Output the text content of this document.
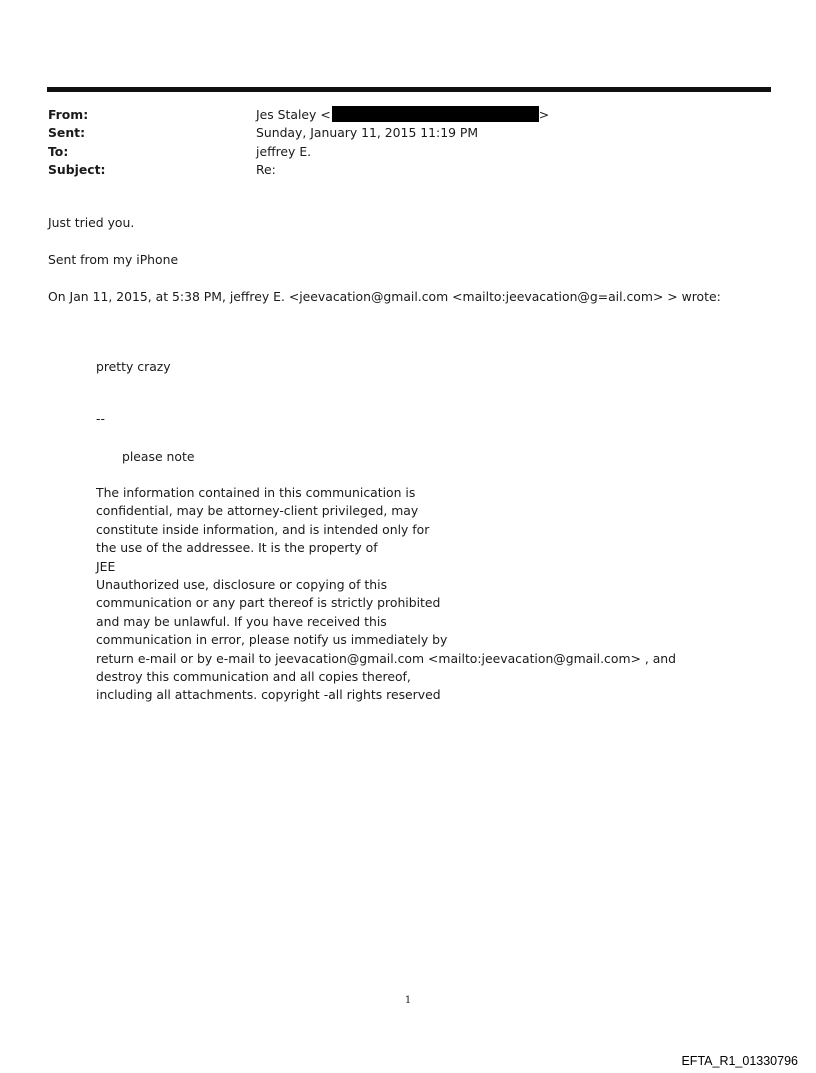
From:	Jes Staley <	>
Sent:	Sunday, January 11, 2015 11:19 PM
To:	jeffrey E.
Subject:	Re:

Just tried you.

Sent from my iPhone

On Jan 11, 2015, at 5:38 PM, jeffrey E. <jeevacation@gmail.com <mailto:jeevacation@g=ail.com> > wrote:

pretty crazy
--
please note
The information contained in this communication is
confidential, may be attorney-client privileged, may
constitute inside information, and is intended only for
the use of the addressee. It is the property of
JEE
Unauthorized use, disclosure or copying of this
communication or any part thereof is strictly prohibited
and may be unlawful. If you have received this
communication in error, please notify us immediately by
return e-mail or by e-mail to jeevacation@gmail.com <mailto:jeevacation@gmail.com> , and
destroy this communication and all copies thereof,
including all attachments. copyright -all rights reserved
1
EFTA_R1_01330796
